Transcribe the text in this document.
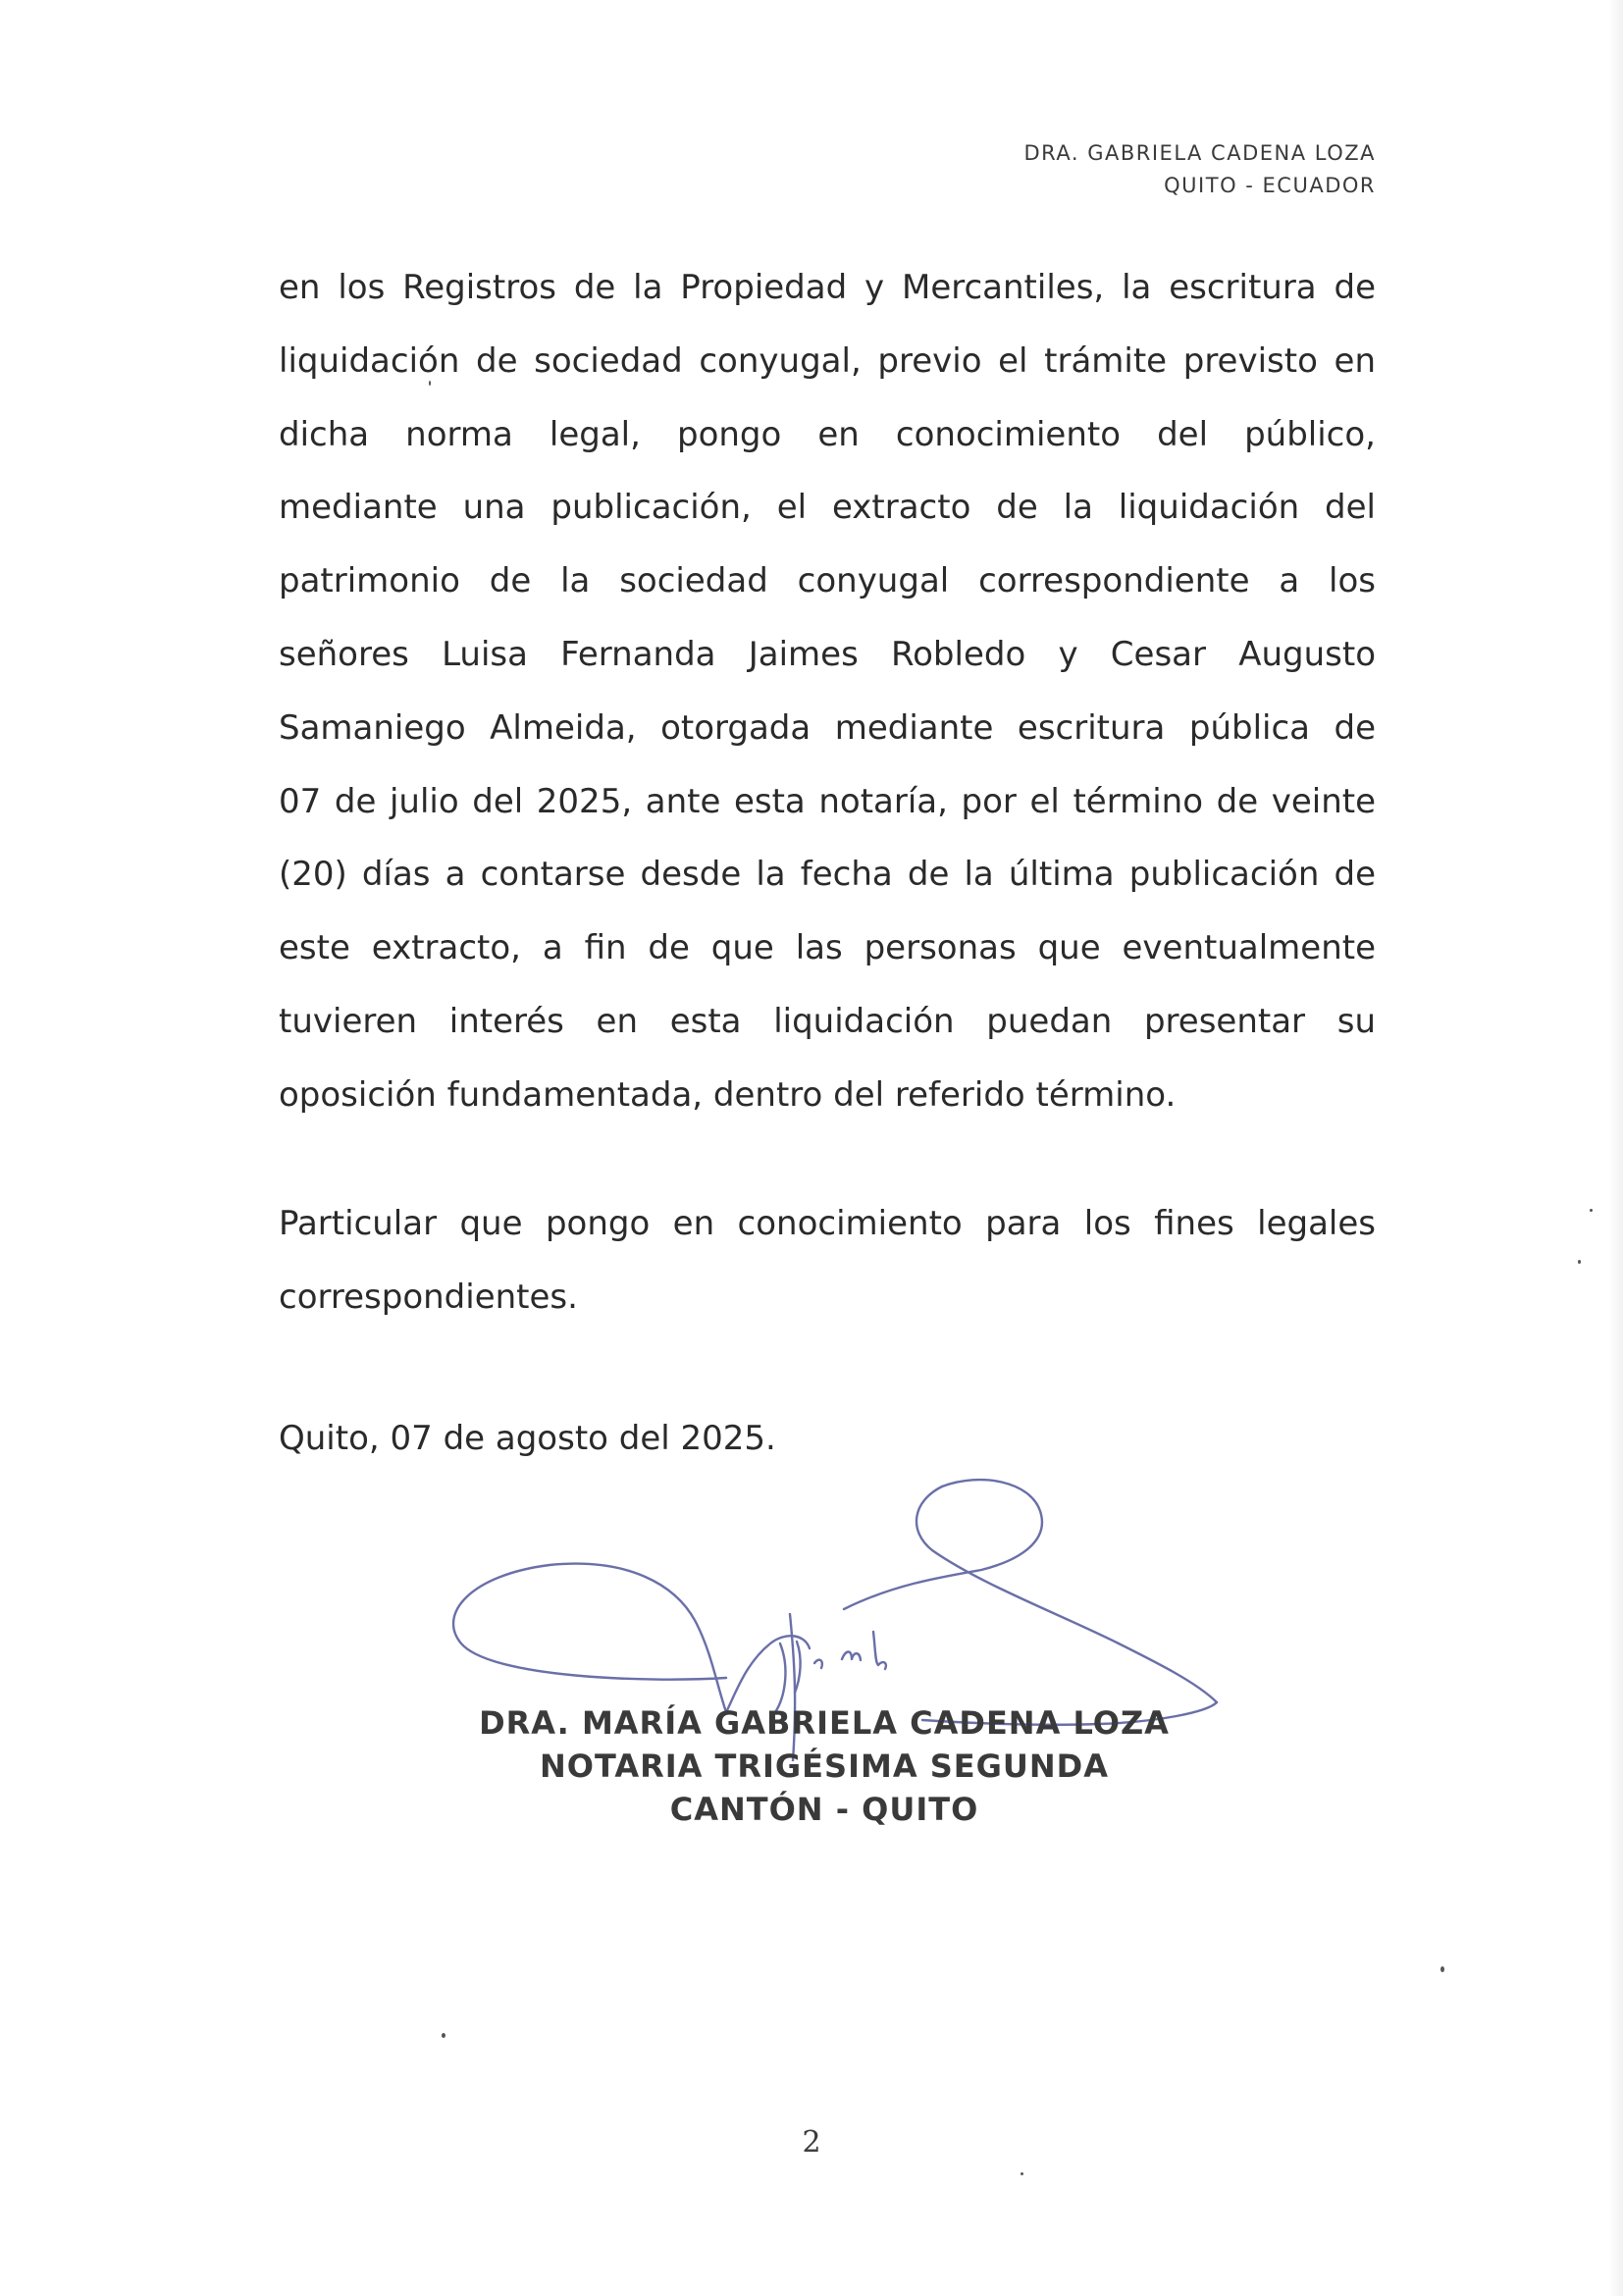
DRA. GABRIELA CADENA LOZA
QUITO - ECUADOR
en los Registros de la Propiedad y Mercantiles, la escritura de
liquidación de sociedad conyugal, previo el trámite previsto en
dicha norma legal, pongo en conocimiento del público,
mediante una publicación, el extracto de la liquidación del
patrimonio de la sociedad conyugal correspondiente a los
señores Luisa Fernanda Jaimes Robledo y Cesar Augusto
Samaniego Almeida, otorgada mediante escritura pública de
07 de julio del 2025, ante esta notaría, por el término de veinte
(20) días a contarse desde la fecha de la última publicación de
este extracto, a fin de que las personas que eventualmente
tuvieren interés en esta liquidación puedan presentar su
oposición fundamentada, dentro del referido término.
Particular que pongo en conocimiento para los fines legales
correspondientes.
Quito, 07 de agosto del 2025.
DRA. MARÍA GABRIELA CADENA LOZA
NOTARIA TRIGÉSIMA SEGUNDA
CANTÓN - QUITO
2
